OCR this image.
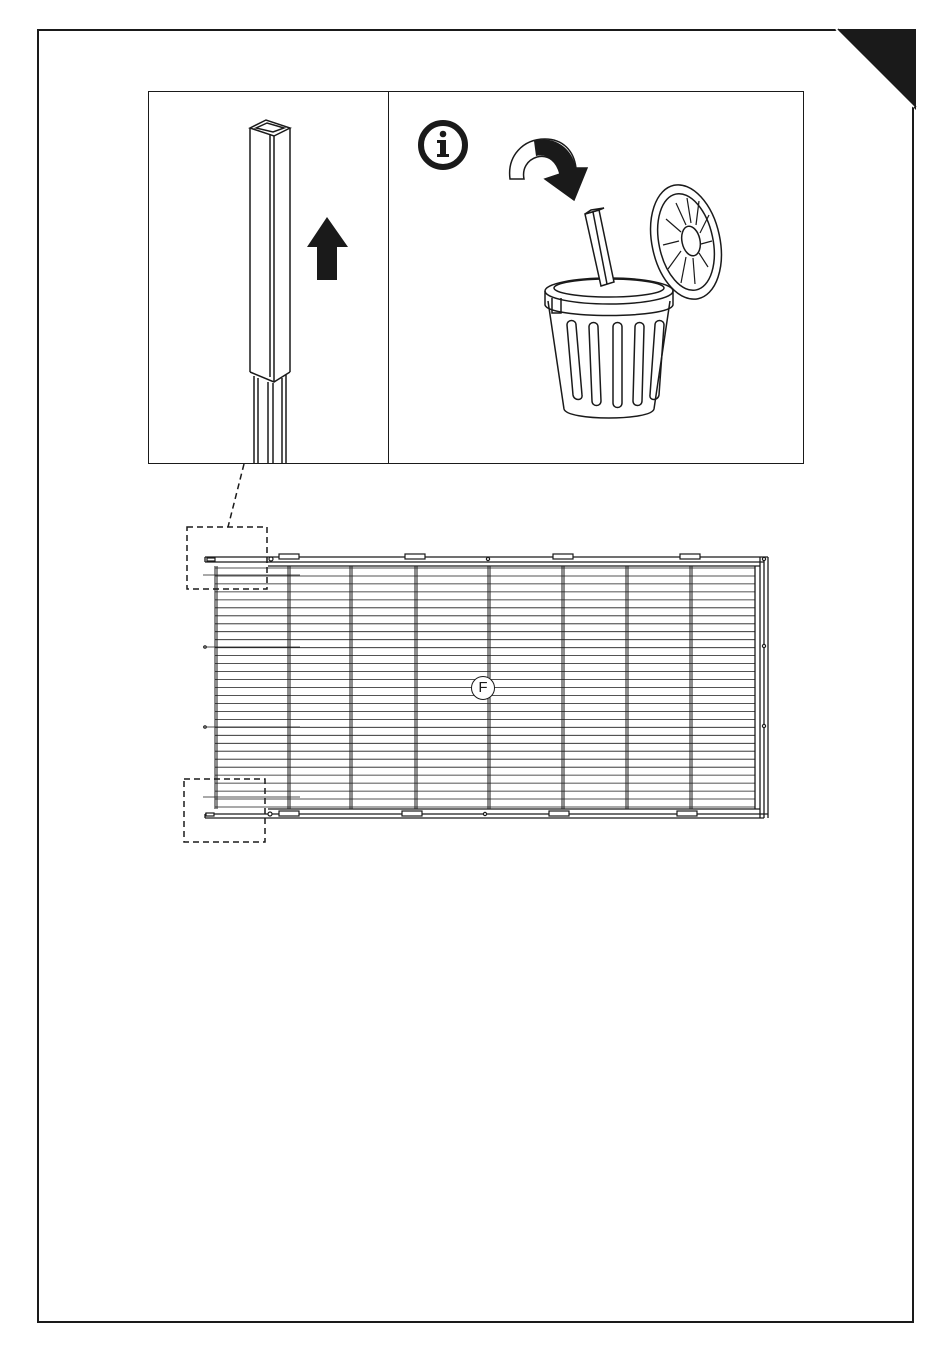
F
